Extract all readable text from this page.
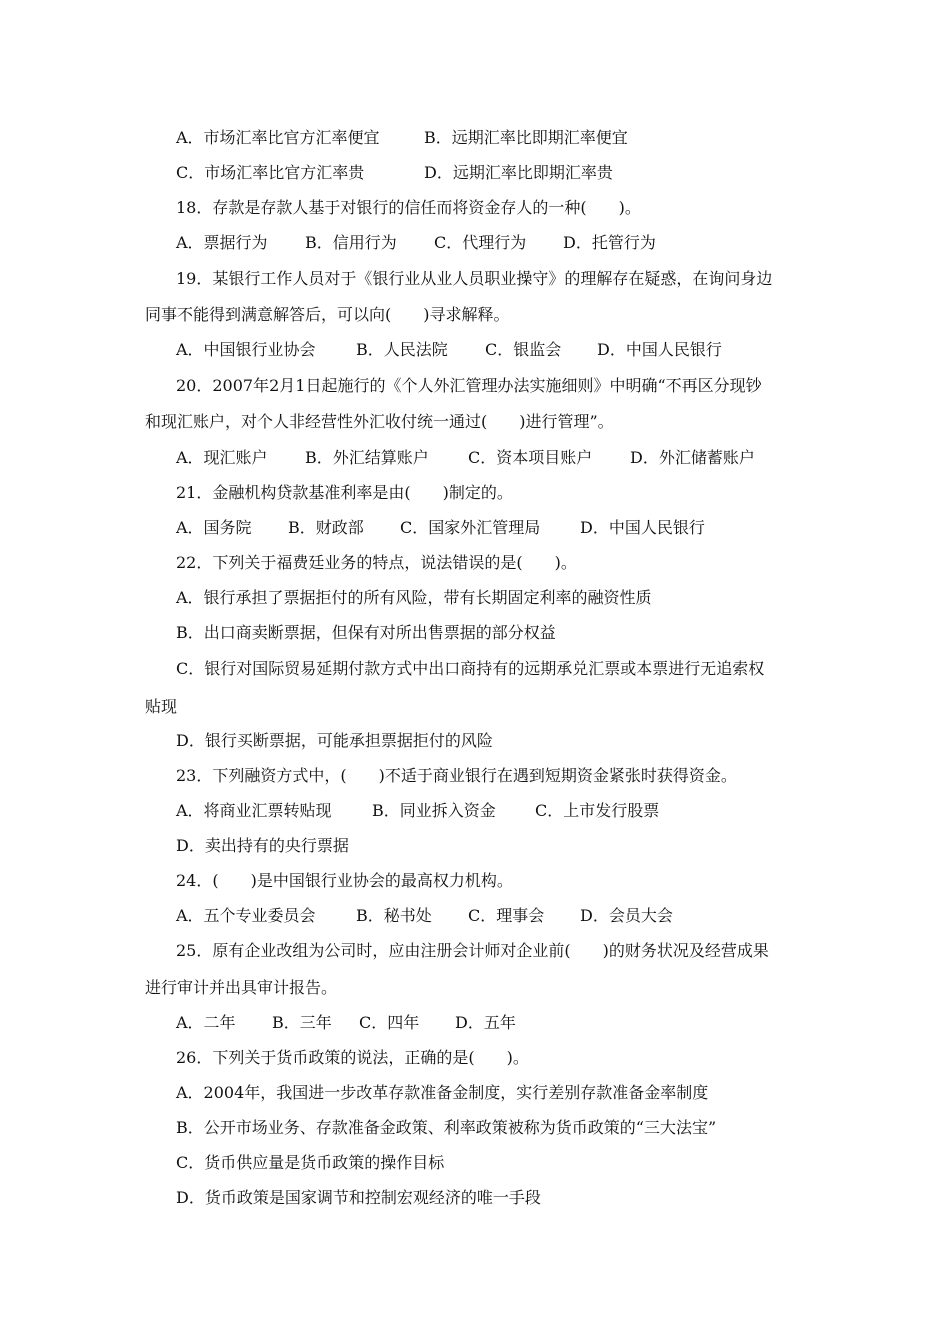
A．市场汇率比官方汇率便宜	B．远期汇率比即期汇率便宜
C．市场汇率比官方汇率贵	D．远期汇率比即期汇率贵
18．存款是存款人基于对银行的信任而将资金存人的一种(　　)。
A．票据行为 B．信用行为 C．代理行为 D．托管行为
19．某银行工作人员对于《银行业从业人员职业操守》的理解存在疑惑，在询问身边
同事不能得到满意解答后，可以向(　　)寻求解释。
A．中国银行业协会	B．人民法院 C．银监会 D．中国人民银行
20．2007年2月1日起施行的《个人外汇管理办法实施细则》中明确“不再区分现钞
和现汇账户，对个人非经营性外汇收付统一通过(　　)进行管理”。
A．现汇账户 B．外汇结算账户 C．资本项目账户 D．外汇储蓄账户
21．金融机构贷款基准利率是由(　　)制定的。
A．国务院 B．财政部 C．国家外汇管理局 D．中国人民银行
22．下列关于福费廷业务的特点，说法错误的是(　　)。
A．银行承担了票据拒付的所有风险，带有长期固定利率的融资性质
B．出口商卖断票据，但保有对所出售票据的部分权益
C．银行对国际贸易延期付款方式中出口商持有的远期承兑汇票或本票进行无追索权
贴现
D．银行买断票据，可能承担票据拒付的风险
23．下列融资方式中，(　　)不适于商业银行在遇到短期资金紧张时获得资金。
A．将商业汇票转贴现	B．同业拆入资金 C．上市发行股票
D．卖出持有的央行票据
24．(　　)是中国银行业协会的最高权力机构。
A．五个专业委员会	B．秘书处 C．理事会 D．会员大会
25．原有企业改组为公司时，应由注册会计师对企业前(　　)的财务状况及经营成果
进行审计并出具审计报告。
A．二年 B．三年 C．四年 D．五年
26．下列关于货币政策的说法，正确的是(　　)。
A．2004年，我国进一步改革存款准备金制度，实行差别存款准备金率制度
B．公开市场业务、存款准备金政策、利率政策被称为货币政策的“三大法宝”
C．货币供应量是货币政策的操作目标
D．货币政策是国家调节和控制宏观经济的唯一手段
